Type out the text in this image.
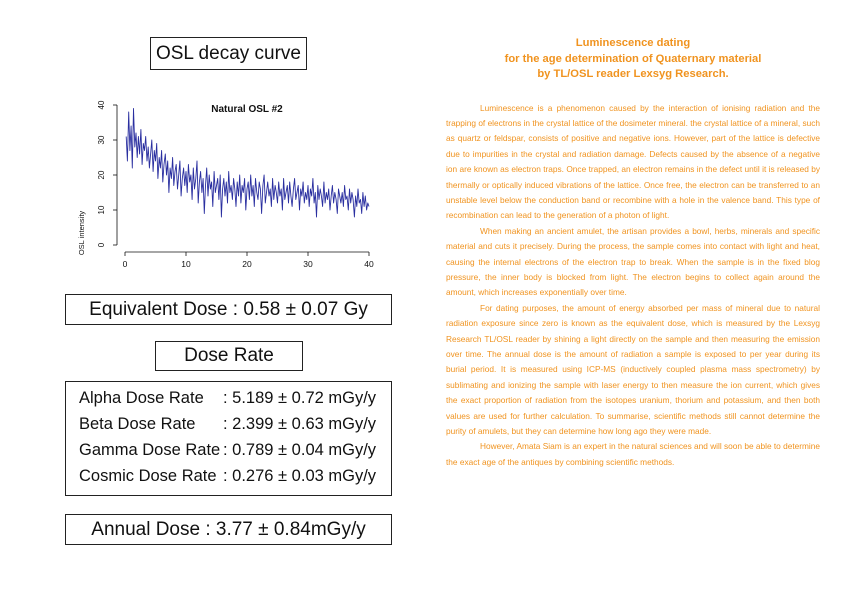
OSL decay curve
Natural OSL #2
OSL intensity
0	10	20	30	40
0
10
20
30
40
Equivalent Dose : 0.58 ± 0.07 Gy
Dose Rate
Alpha Dose Rate : 5.189 ± 0.72 mGy/y
Beta Dose Rate : 2.399 ± 0.63 mGy/y
Gamma Dose Rate : 0.789 ± 0.04 mGy/y
Cosmic Dose Rate : 0.276 ± 0.03 mGy/y
Annual Dose : 3.77 ± 0.84mGy/y
Luminescence dating
for the age determination of Quaternary material
by TL/OSL reader Lexsyg Research.

Luminescence is a phenomenon caused by the interaction of ionising radiation and the trapping of electrons in the crystal lattice of the dosimeter mineral. the crystal lattice of a mineral, such as quartz or feldspar, consists of positive and negative ions. However, part of the lattice is defective due to impurities in the crystal and radiation damage. Defects caused by the absence of a negative ion are known as electron traps. Once trapped, an electron remains in the defect until it is released by thermally or optically induced vibrations of the lattice. Once free, the electron can be transferred to an unstable level below the conduction band or recombine with a hole in the valence band. This type of recombination can lead to the generation of a photon of light.

When making an ancient amulet, the artisan provides a bowl, herbs, minerals and specific material and cuts it precisely. During the process, the sample comes into contact with light and heat, causing the internal electrons of the electron trap to break. When the sample is in the fixed blog pressure, the inner body is blocked from light. The electron begins to collect again around the amount, which increases exponentially over time.

For dating purposes, the amount of energy absorbed per mass of mineral due to natural radiation exposure since zero is known as the equivalent dose, which is measured by the Lexsyg Research TL/OSL reader by shining a light directly on the sample and then measuring the emission over time. The annual dose is the amount of radiation a sample is exposed to per year during its burial period. It is measured using ICP-MS (inductively coupled plasma mass spectrometry) by sublimating and ionizing the sample with laser energy to then measure the ion current, which gives the exact proportion of radiation from the isotopes uranium, thorium and potassium, and then both values are used for further calculation. To summarise, scientific methods still cannot determine the purity of amulets, but they can determine how long ago they were made.

However, Amata Siam is an expert in the natural sciences and will soon be able to determine the exact age of the antiques by combining scientific methods.
